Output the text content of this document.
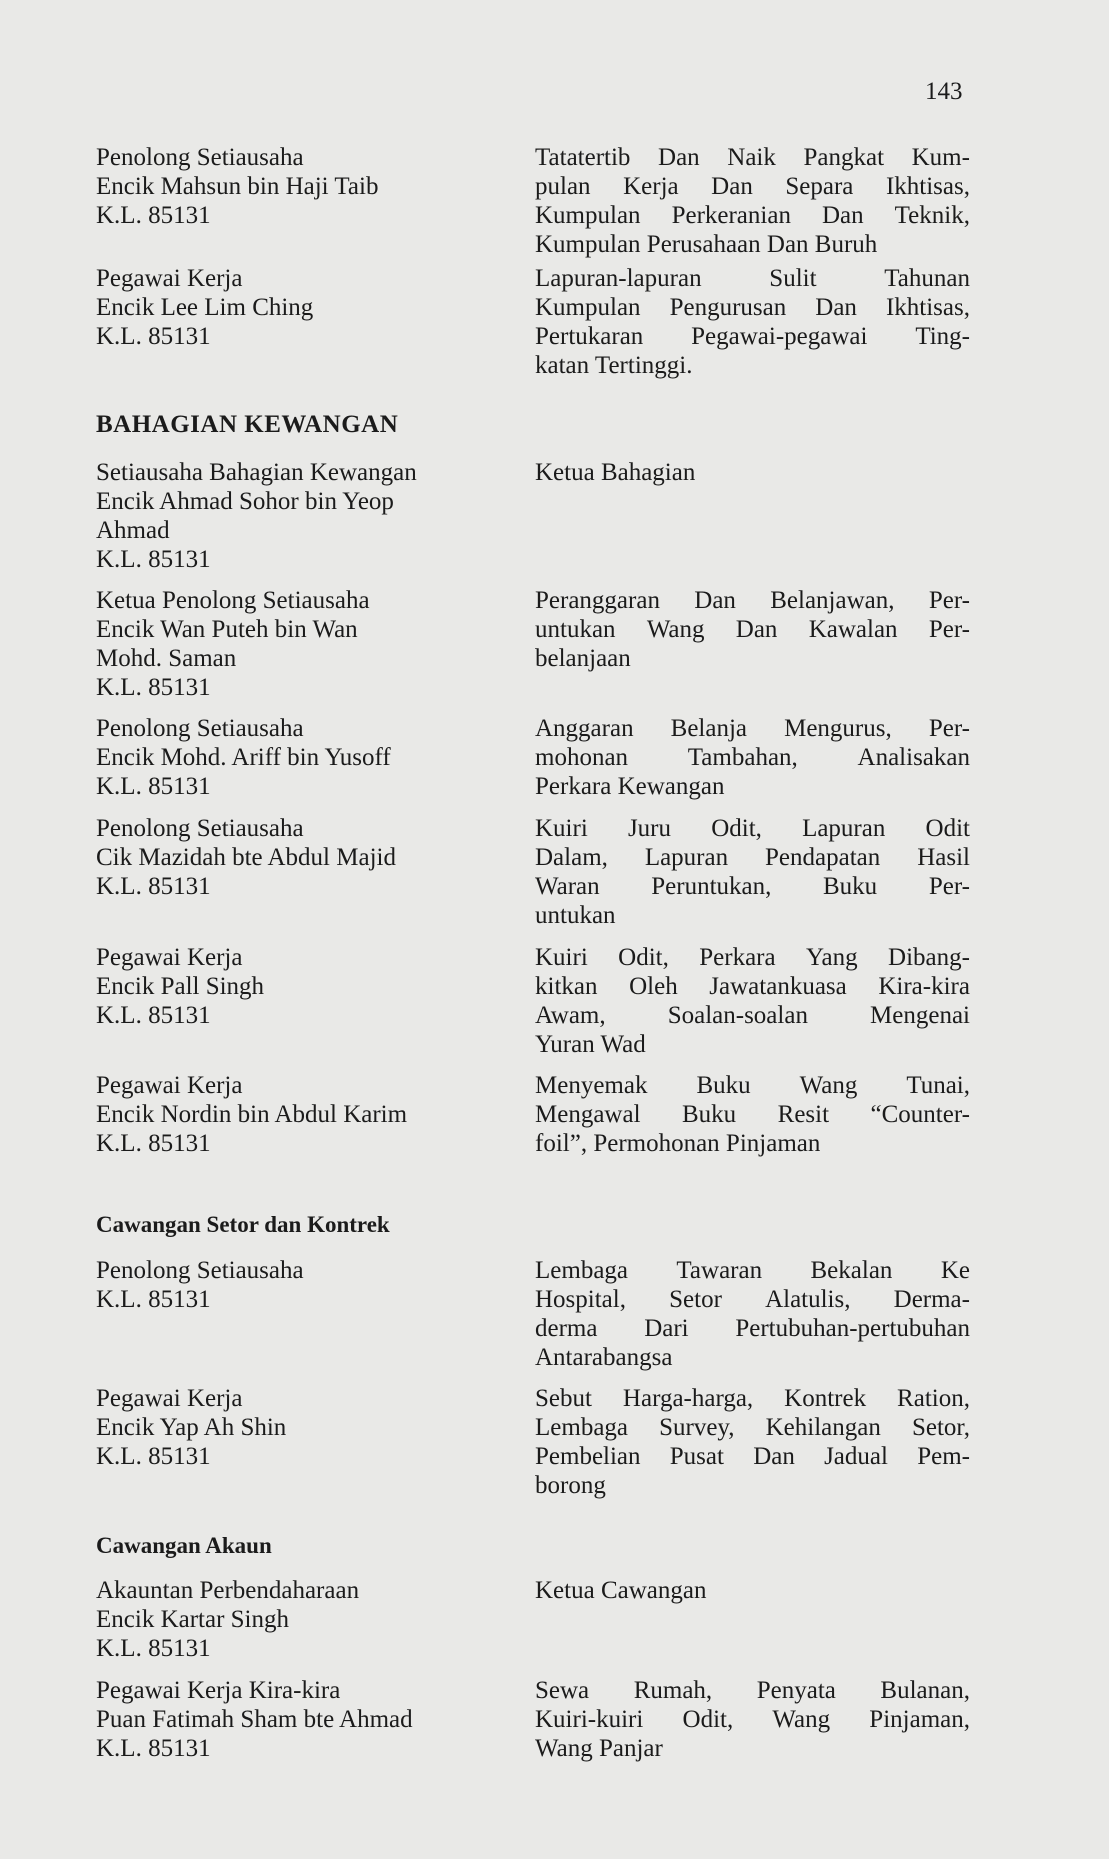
143
Penolong Setiausaha
Encik Mahsun bin Haji Taib
K.L. 85131
Tatatertib Dan Naik Pangkat Kum-
pulan Kerja Dan Separa Ikhtisas,
Kumpulan Perkeranian Dan Teknik,
Kumpulan Perusahaan Dan Buruh
Pegawai Kerja
Encik Lee Lim Ching
K.L. 85131
Lapuran-lapuran	Sulit	Tahunan
Kumpulan Pengurusan Dan Ikhtisas,
Pertukaran Pegawai-pegawai Ting-
katan Tertinggi.
BAHAGIAN KEWANGAN
Setiausaha Bahagian Kewangan
Encik Ahmad Sohor bin Yeop
Ahmad
K.L. 85131
Ketua Bahagian
Ketua Penolong Setiausaha
Encik Wan Puteh bin Wan
Mohd. Saman
K.L. 85131
Peranggaran Dan Belanjawan, Per-
untukan Wang Dan Kawalan Per-
belanjaan
Penolong Setiausaha
Encik Mohd. Ariff bin Yusoff
K.L. 85131
Anggaran Belanja Mengurus, Per-
mohonan Tambahan, Analisakan
Perkara Kewangan
Penolong Setiausaha
Cik Mazidah bte Abdul Majid
K.L. 85131
Kuiri Juru Odit, Lapuran Odit
Dalam, Lapuran Pendapatan Hasil
Waran Peruntukan, Buku Per-
untukan
Pegawai Kerja
Encik Pall Singh
K.L. 85131
Kuiri Odit, Perkara Yang Dibang-
kitkan Oleh Jawatankuasa Kira-kira
Awam, Soalan-soalan Mengenai
Yuran Wad
Pegawai Kerja
Encik Nordin bin Abdul Karim
K.L. 85131
Menyemak Buku Wang Tunai,
Mengawal Buku Resit “Counter-
foil”, Permohonan Pinjaman
Cawangan Setor dan Kontrek
Penolong Setiausaha
K.L. 85131
Lembaga Tawaran Bekalan Ke
Hospital, Setor Alatulis, Derma-
derma Dari Pertubuhan-pertubuhan
Antarabangsa
Pegawai Kerja
Encik Yap Ah Shin
K.L. 85131
Sebut Harga-harga, Kontrek Ration,
Lembaga Survey, Kehilangan Setor,
Pembelian Pusat Dan Jadual Pem-
borong
Cawangan Akaun
Akauntan Perbendaharaan
Encik Kartar Singh
K.L. 85131
Ketua Cawangan
Pegawai Kerja Kira-kira
Puan Fatimah Sham bte Ahmad
K.L. 85131
Sewa Rumah, Penyata Bulanan,
Kuiri-kuiri Odit, Wang Pinjaman,
Wang Panjar
